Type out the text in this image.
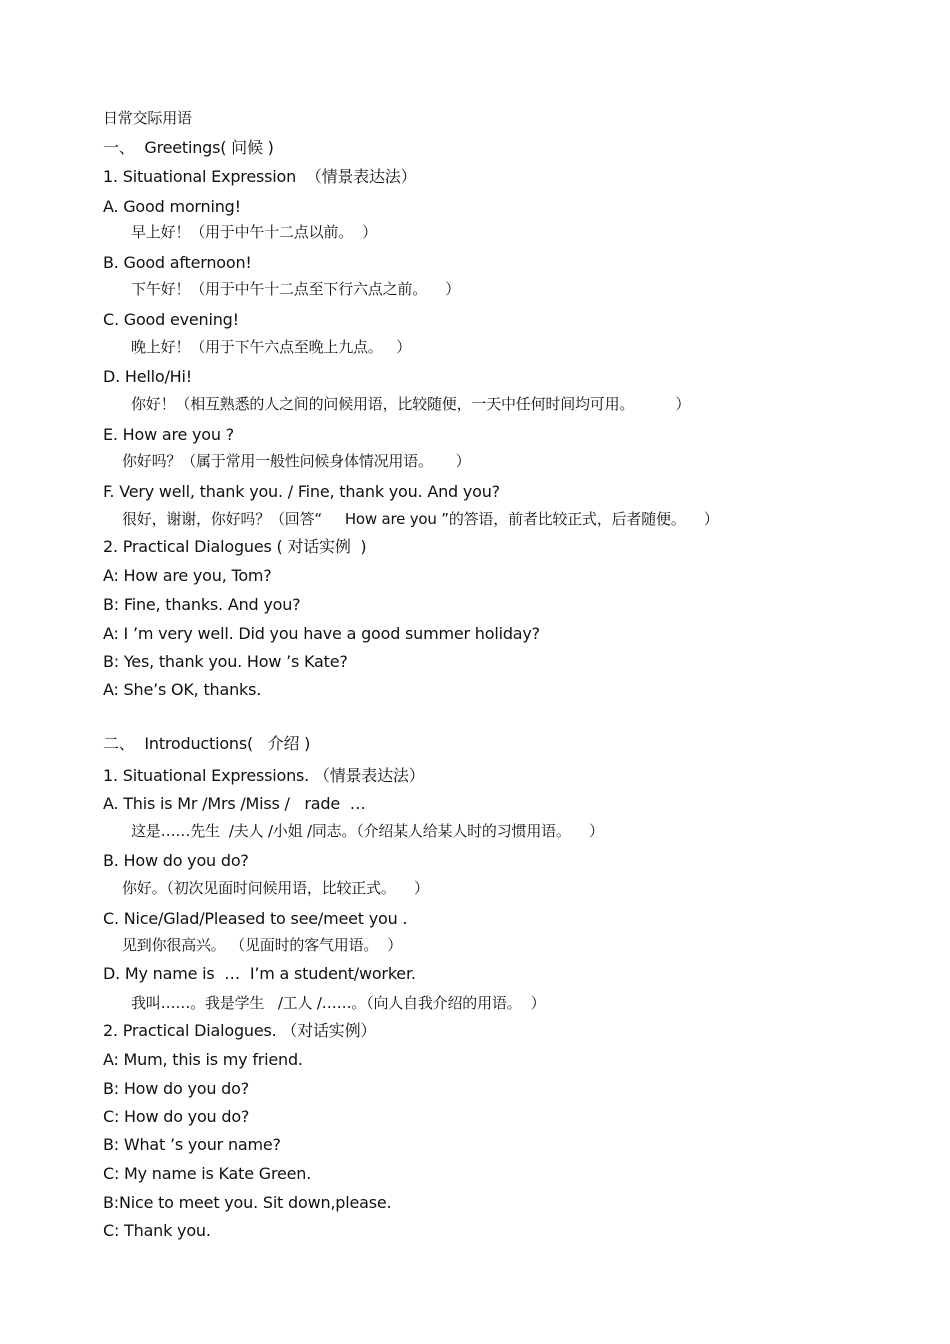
日常交际用语
一、  Greetings( 问候 )
1. Situational Expression  （情景表达法）
A. Good morning!
早上好！（用于中午十二点以前。  ）
B. Good afternoon!
下午好！（用于中午十二点至下行六点之前。    ）
C. Good evening!
晚上好！（用于下午六点至晚上九点。   ）
D. Hello/Hi!
你好！（相互熟悉的人之间的问候用语，比较随便，一天中任何时间均可用。         ）
E. How are you ?
你好吗？（属于常用一般性问候身体情况用语。     ）
F. Very well, thank you. / Fine, thank you. And you?
很好，谢谢，你好吗？（回答“     How are you ”的答语，前者比较正式，后者随便。    ）
2. Practical Dialogues ( 对话实例  )
A: How are you, Tom?
B: Fine, thanks. And you?
A: I ’m very well. Did you have a good summer holiday?
B: Yes, thank you. How ’s Kate?
A: She’s OK, thanks.
二、  Introductions(   介绍 )
1. Situational Expressions. （情景表达法）
A. This is Mr /Mrs /Miss /   rade  …
这是……先生  /夫人 /小姐 /同志。（介绍某人给某人时的习惯用语。    ）
B. How do you do?
你好。（初次见面时问候用语，比较正式。    ）
C. Nice/Glad/Pleased to see/meet you .
见到你很高兴。 （见面时的客气用语。  ）
D. My name is  …  I’m a student/worker.
我叫……。我是学生   /工人 /……。（向人自我介绍的用语。  ）
2. Practical Dialogues. （对话实例）
A: Mum, this is my friend.
B: How do you do?
C: How do you do?
B: What ’s your name?
C: My name is Kate Green.
B:Nice to meet you. Sit down,please.
C: Thank you.
